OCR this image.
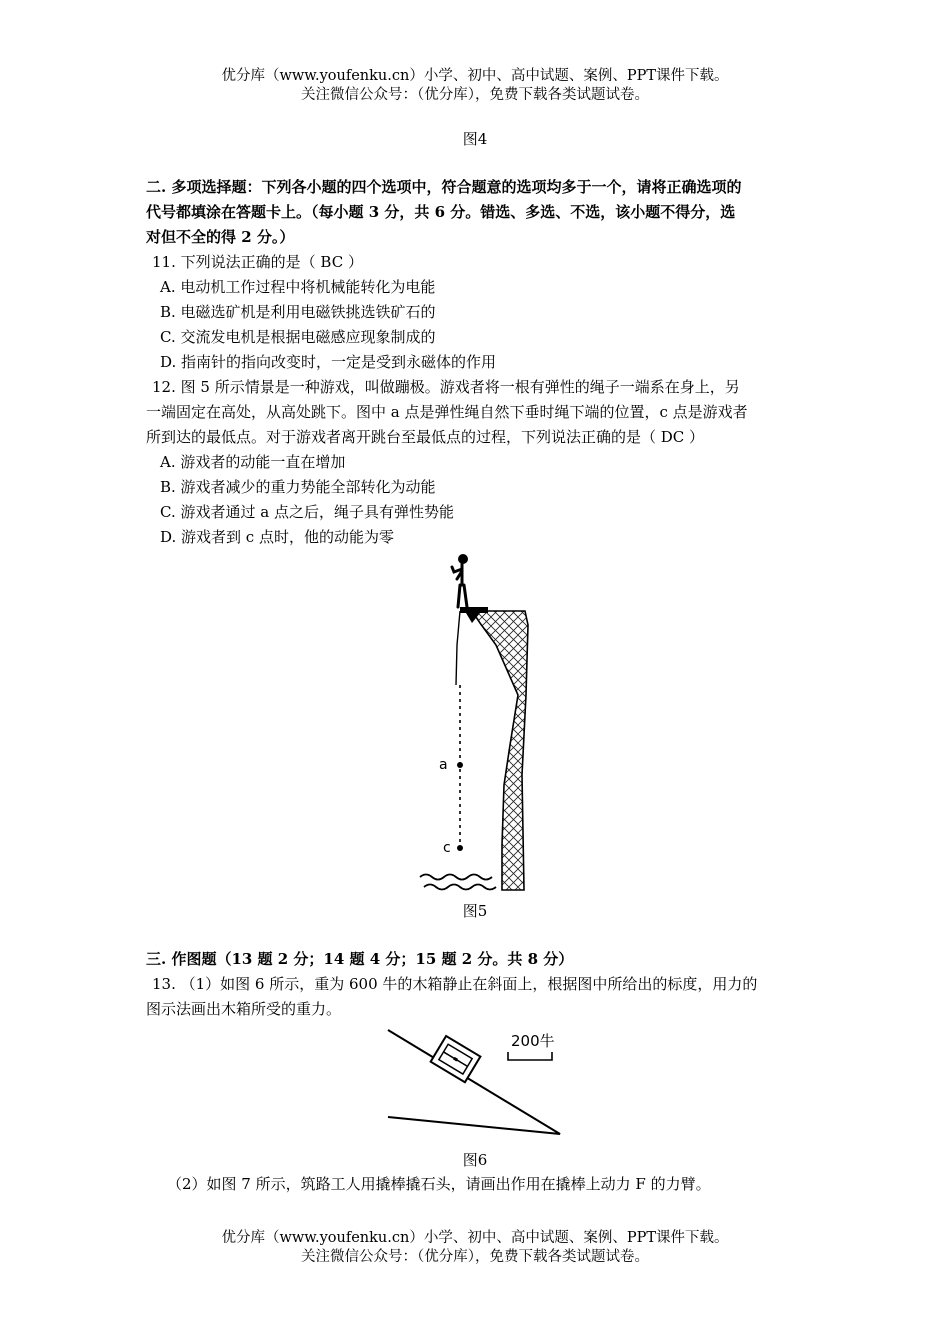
优分库（www.youfenku.cn）小学、初中、高中试题、案例、PPT课件下载。
关注微信公众号：（优分库），免费下载各类试题试卷。
图4
二. 多项选择题：下列各小题的四个选项中，符合题意的选项均多于一个，请将正确选项的
代号都填涂在答题卡上。（每小题 3 分，共 6 分。错选、多选、不选，该小题不得分，选
对但不全的得 2 分。）
11. 下列说法正确的是（ BC ）
A. 电动机工作过程中将机械能转化为电能
B. 电磁选矿机是利用电磁铁挑选铁矿石的
C. 交流发电机是根据电磁感应现象制成的
D. 指南针的指向改变时，一定是受到永磁体的作用
12. 图 5 所示情景是一种游戏，叫做蹦极。游戏者将一根有弹性的绳子一端系在身上，另
一端固定在高处，从高处跳下。图中 a 点是弹性绳自然下垂时绳下端的位置，c 点是游戏者
所到达的最低点。对于游戏者离开跳台至最低点的过程，下列说法正确的是（ DC ）
A. 游戏者的动能一直在增加
B. 游戏者减少的重力势能全部转化为动能
C. 游戏者通过 a 点之后，绳子具有弹性势能
D. 游戏者到 c 点时，他的动能为零
a
c
图5
三. 作图题（13 题 2 分；14 题 4 分；15 题 2 分。共 8 分）
13. （1）如图 6 所示，重为 600 牛的木箱静止在斜面上，根据图中所给出的标度，用力的
图示法画出木箱所受的重力。
200牛
图6
（2）如图 7 所示，筑路工人用撬棒撬石头，请画出作用在撬棒上动力 F 的力臂。
优分库（www.youfenku.cn）小学、初中、高中试题、案例、PPT课件下载。
关注微信公众号：（优分库），免费下载各类试题试卷。
